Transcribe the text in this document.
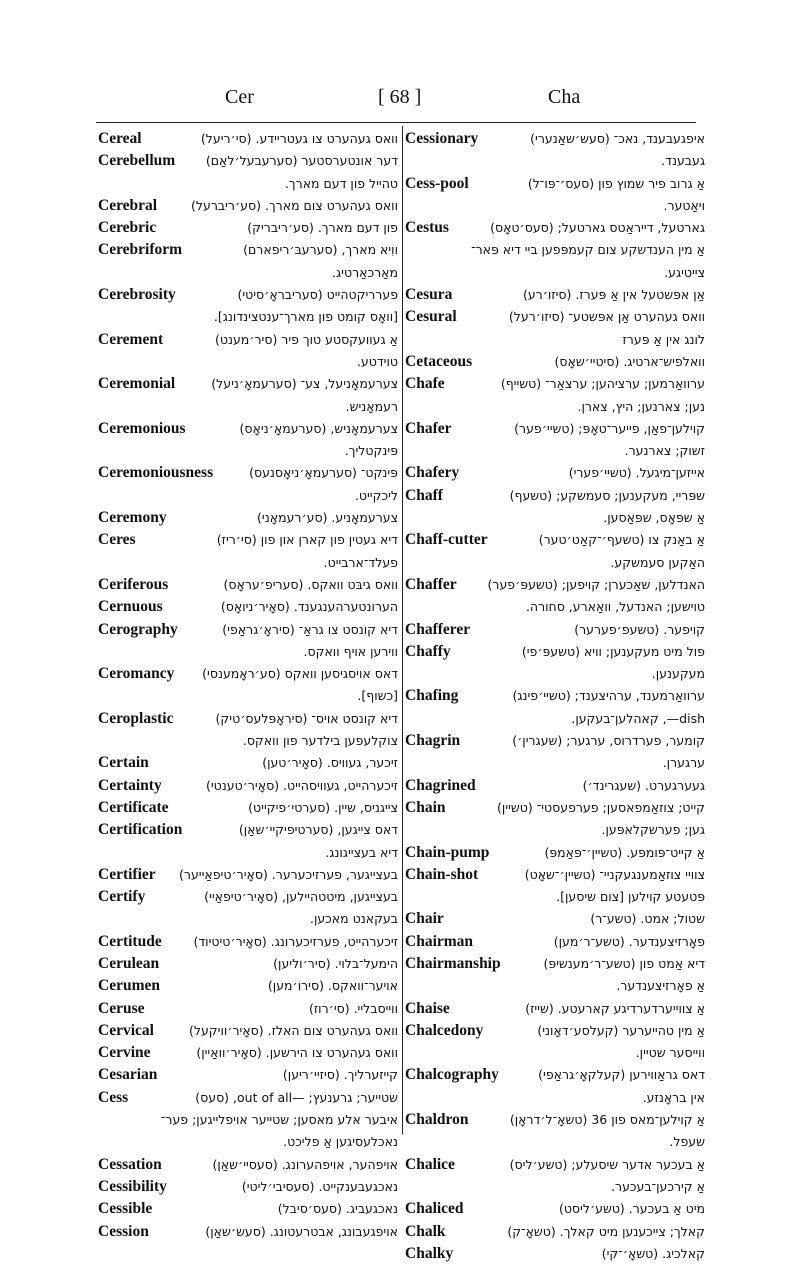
Cer	[ 68 ]	Cha
Cereal	וואס געהערט צו געטריידע. (סי׳ריעל)
Cerebellum	דער אונטערסטער (סערעבעל׳לאַם)
טהייל פון דעם מארך.
Cerebral	וואס געהערט צום מארך. (סע׳ריברעל)
Cerebric	פון דעם מארך. (סע׳ריבריק)
Cerebriform	ווִיא מארך, (סערעבּ׳ריפארם)
מאַרכאַרטיג.
Cerebrosity	פערריקטהייט (סעריבראָ׳סיטי)
[וואָס קומט פון מארך־ענטצינדונג].
Cerement	אַ געוועקסטע טוך פיר (סיר׳מענט)
טוידטע.
Ceremonial	צערעמאָניעל, צע־ (סערעמאָ׳ניעל)
רעמאָניש.
Ceremonious	צערעמאָניש, (סערעמאָ׳ניאָס)
פּינקטליך.
Ceremoniousness	פּינקט־ (סערעמאָ׳ניאָסנעס)
ליכקייט.
Ceremony	צערעמאָניע. (סע׳רעמאָני)
Ceres	דיא געטין פון קארן און פון (סי׳ריז)
פעלד־ארבייט.
Ceriferous	וואס גיבּט וואקס. (סעריפ׳עראָס)
Cernuous	הערונטערהענגענד. (סאָיר׳ניואָס)
Cerography	דיא קונסט צו גראַ־ (סיראָ׳גראַפי)
ווירען אויף וואקס.
Ceromancy	דאס אויסגיסען וואקס (סע׳ראָמענסי)
[כשוף].
Ceroplastic	דיא קונסט אויס־ (סיראָפּלעס׳טיק)
צוקלעפען בילדער פון וואקס.
Certain	זיכער, געוויס. (סאָיר׳טען)
Certainty	זיכערהייט, געוויסהייט. (סאָיר׳טענטי)
Certificate	צייגניס, שיין. (סערטי׳פיקייט)
Certification	דאס צייגען, (סערטיפיקיי׳שאַן)
דיא בעצייגונג.
Certifier	בעצייגער, פערזיכערער. (סאָיר׳טיפאַייער)
Certify	בעצייגען, מיטטהיילען, (סאָיר׳טיפאַיי)
בעקאנט מאכען.
Certitude	זיכערהייט, פערזיכערונג. (סאָיר׳טיטיוד)
Cerulean	הימעל־בלוי. (סיר׳וליען)
Cerumen	אויער־וואקס. (סירו׳מען)
Ceruse	ווייסבליי. (סי׳רוז)
Cervical	וואס געהערט צום האלז. (סאָיר׳וויקעל)
Cervine	וואס געהערט צו הירשען. (סאָיר׳וואַיין)
Cesarian	קייזערליך. (סיזיי׳ריען)
Cess	שטייער; גרענעץ; —out of all, (סעס)
איבער אלע מאסען; שטייער אויפלייגען; פער־
נאכלעסיגען אַ פליכט.
Cessation	אויפהער, אויפהערונג. (סעסיי׳שאַן)
Cessibility	נאכגעבענקייט. (סעסיבי׳ליטי)
Cessible	נאכגעביג. (סעס׳סיבל)
Cession	אויפגעבונג, אבטרעטונג. (סעש׳שאַן)
Cessionary	איפגעבענד, נאכ־ (סעש׳שאַנערי)
געבענד.
Cess-pool	אַ גרוב פיר שמוץ פון (סעס׳־פּו־ל)
ויאַטער.
Cestus	גארטעל, דייראַטס גארטעל; (סעס׳טאָס)
אַ מין הענדשקע צום קעמפּפען ביי דיא פּאר־
צייטיגע.
Cesura	אַן אפּשטעל אין אַ פּערז. (סיזו׳רע)
Cesural	וואס געהערט אַן אפּשטע־ (סיזו׳רעל)
לונג אין אַ פּערז
Cetaceous	וואלפיש־ארטיג. (סיטיי׳שאָס)
Chafe	ערוואַרמען; ערציהען; ערצאַר־ (טשייף)
נען; צארנען; היץ, צארן.
Chafer	קוילען־פאַן, פייער־טאָפּ; (טשיי׳פער)
זשוק; צארנער.
Chafery	אייזען־מיגעל. (טשיי׳פערי)
Chaff	שפּריי, מעקענען; סעמשקע; (טשעף)
אַ שפּאָס, שפּאַסען.
Chaff-cutter	אַ באַנק צו (טשעף׳־קאַט׳טער)
האַקען סעמשקע.
Chaffer	האנדלען, שאַכערן; קויפען; (טשעפּ׳פער)
טוישען; האנדעל, וואַארע, סחורה.
Chafferer	קויפער. (טשעפ׳פערער)
Chaffy	פול מיט מעקענען; וויא (טשעפּ׳פי)
מעקענען.
Chafing	ערוואַרמענד, ערהיצענד; (טשיי׳פינג)
dish—, קאהלען־בעקען.
Chagrin	קומער, פערדרוס, ערגער; (שעגרין׳)
ערגערן.
Chagrined	געערגערט. (שעגרינד׳)
Chain	קייט; צוזאַמפאסען; פערפעסטי־ (טשיין)
גען; פערשקלאפּען.
Chain-pump	אַ קייט־פּומפּע. (טשיין׳־פּאַמפּ)
Chain-shot	צוויי צוזאַמענגעקניי־ (טשיין׳־שאָט)
פּטעטע קוילען [צום שיסען].
Chair	שטול; אמט. (טשע־ר)
Chairman	פאָרזיצענדער. (טשע־ר׳מען)
Chairmanship	דיא אַמט פון (טשע־ר׳מענשיפּ)
אַ פאָרזיצענדער.
Chaise	אַ צווייערדערדיגע קארעטע. (שייז)
Chalcedony	אַ מין טהייערער (קעלסע׳דאָוני)
ווייסער שטיין.
Chalcography	דאס גראַווירען (קעלקאָ׳גראַפי)
אין בראָנזע.
Chaldron	אַ קוילען־מאס פון 36 (טשאָ־ל׳דראָן)
שעפל.
Chalice	אַ בעכער אדער שיסעלע; (טשע׳ליס)
אַ קירכען־בעכער.
Chaliced	מיט אַ בעכער. (טשע׳ליסט)
Chalk	קאלך; צייכענען מיט קאלך. (טשאָ־ק)
Chalky	קאלכיג. (טשאָ׳־קי)
